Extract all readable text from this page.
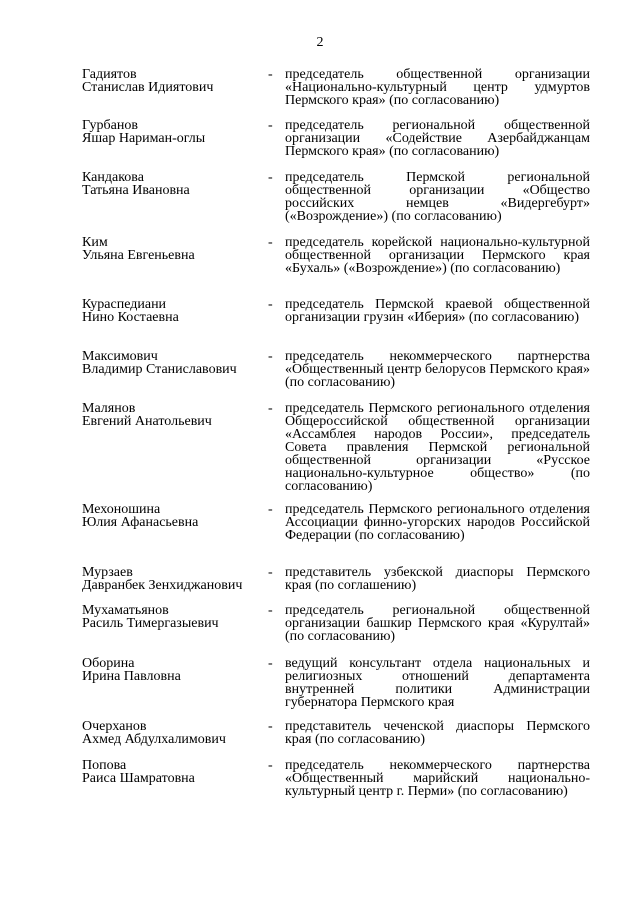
2
Гадиятов
Станислав Идиятович
- председатель общественной организации «Национально-культурный центр удмуртов Пермского края» (по согласованию)
Гурбанов
Яшар Нариман-оглы
- председатель региональной общественной организации «Содействие Азербайджанцам Пермского края» (по согласованию)
Кандакова
Татьяна Ивановна
- председатель Пермской региональной общественной организации «Общество российских немцев «Видергебурт» («Возрождение») (по согласованию)
Ким
Ульяна Евгеньевна
- председатель корейской национально-культурной общественной организации Пермского края «Бухаль» («Возрождение») (по согласованию)
Кураспедиани
Нино Костаевна
- председатель Пермской краевой общественной организации грузин «Иберия» (по согласованию)
Максимович
Владимир Станиславович
- председатель некоммерческого партнерства «Общественный центр белорусов Пермского края» (по согласованию)
Малянов
Евгений Анатольевич
- председатель Пермского регионального отделения Общероссийской общественной организации «Ассамблея народов России», председатель Совета правления Пермской региональной общественной организации «Русское национально-культурное общество» (по согласованию)
Мехоношина
Юлия Афанасьевна
- председатель Пермского регионального отделения Ассоциации финно-угорских народов Российской Федерации (по согласованию)
Мурзаев
Давранбек Зенхиджанович
- представитель узбекской диаспоры Пермского края (по соглашению)
Мухаматьянов
Расиль Тимергазыевич
- председатель региональной общественной организации башкир Пермского края «Курултай» (по согласованию)
Оборина
Ирина Павловна
- ведущий консультант отдела национальных и религиозных отношений департамента внутренней политики Администрации губернатора Пермского края
Очерханов
Ахмед Абдулхалимович
- представитель чеченской диаспоры Пермского края (по согласованию)
Попова
Раиса Шамратовна
- председатель некоммерческого партнерства «Общественный марийский национально-культурный центр г. Перми» (по согласованию)
